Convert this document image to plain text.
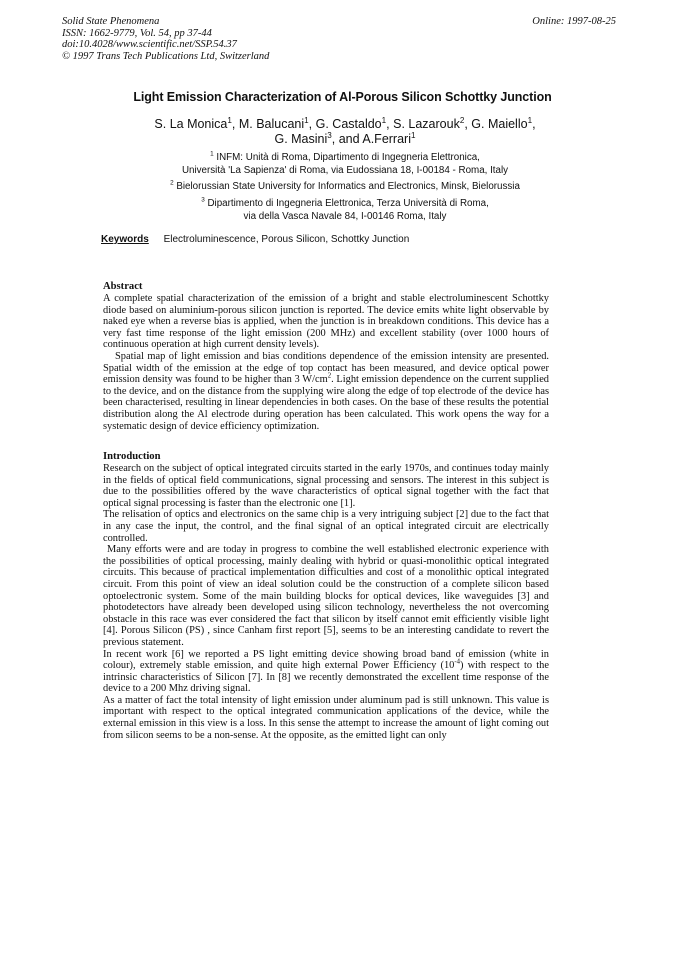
Solid State Phenomena
ISSN: 1662-9779, Vol. 54, pp 37-44
doi:10.4028/www.scientific.net/SSP.54.37
© 1997 Trans Tech Publications Ltd, Switzerland
Online: 1997-08-25
Light Emission Characterization of Al-Porous Silicon Schottky Junction
S. La Monica$^1$, M. Balucani$^1$, G. Castaldo$^1$, S. Lazarouk$^2$, G. Maiello$^1$,
G. Masini$^3$, and A.Ferrari$^1$
$^1$ INFM: Unità di Roma, Dipartimento di Ingegneria Elettronica,
Università 'La Sapienza' di Roma, via Eudossiana 18, I-00184 - Roma, Italy
$^2$ Bielorussian State University for Informatics and Electronics, Minsk, Bielorussia
$^3$ Dipartimento di Ingegneria Elettronica, Terza Università di Roma,
via della Vasca Navale 84, I-00146 Roma, Italy
Keywords Electroluminescence, Porous Silicon, Schottky Junction
Abstract

A complete spatial characterization of the emission of a bright and stable electroluminescent Schottky diode based on aluminium-porous silicon junction is reported. The device emits white light observable by naked eye when a reverse bias is applied, when the junction is in breakdown conditions. This device has a very fast time response of the light emission (200 MHz) and excellent stability (over 1000 hours of continuous operation at high current density levels).

Spatial map of light emission and bias conditions dependence of the emission intensity are presented. Spatial width of the emission at the edge of top contact has been measured, and device optical power emission density was found to be higher than 3 $W/cm^2$. Light emission dependence on the current supplied to the device, and on the distance from the supplying wire along the edge of top electrode of the device has been characterised, resulting in linear dependencies in both cases. On the base of these results the potential distribution along the Al electrode during operation has been calculated. This work opens the way for a systematic design of device efficiency optimization.

Introduction

Research on the subject of optical integrated circuits started in the early 1970s, and continues today mainly in the fields of optical field communications, signal processing and sensors. The interest in this subject is due to the possibilities offered by the wave characteristics of optical signal together with the fact that optical signal processing is faster than the electronic one [1].

The relisation of optics and electronics on the same chip is a very intriguing subject [2] due to the fact that in any case the input, the control, and the final signal of an optical integrated circuit are electrically controlled.

Many efforts were and are today in progress to combine the well established electronic experience with the possibilities of optical processing, mainly dealing with hybrid or quasi-monolithic optical integrated circuits. This because of practical implementation difficulties and cost of a monolithic optical integrated circuit. From this point of view an ideal solution could be the construction of a complete silicon based optoelectronic system. Some of the main building blocks for optical devices, like waveguides [3] and photodetectors have already been developed using silicon technology, nevertheless the not overcoming obstacle in this race was ever considered the fact that silicon by itself cannot emit efficiently visible light [4]. Porous Silicon (PS) , since Canham first report [5], seems to be an interesting candidate to revert the previous statement.

In recent work [6] we reported a PS light emitting device showing broad band of emission (white in colour), extremely stable emission, and quite high external Power Efficiency $(10^{-4})$ with respect to the intrinsic characteristics of Silicon [7]. In [8] we recently demonstrated the excellent time response of the device to a 200 Mhz driving signal.

As a matter of fact the total intensity of light emission under aluminum pad is still unknown. This value is important with respect to the optical integrated communication applications of the device, while the external emission in this view is a loss. In this sense the attempt to increase the amount of light coming out from silicon seems to be a non-sense. At the opposite, as the emitted light can only
